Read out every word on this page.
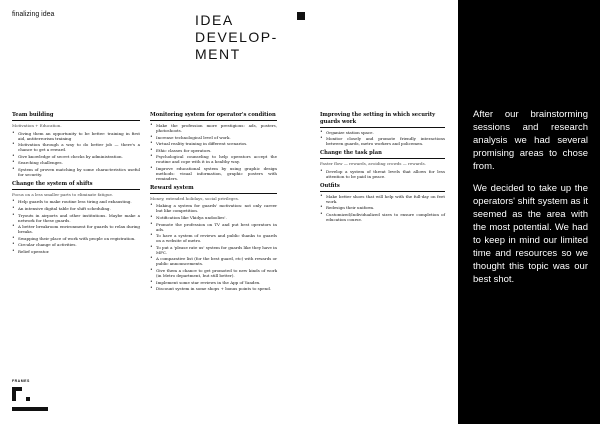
finalizing idea	IDEA
DEVELOP-
MENT
Team building
Motivation + Education.
• Giving them an opportunity to be better: training in first aid, antiterrorism training
• Motivation through a way to do better job — there's a chance to get a reward.
• Give knowledge of secret checks by administration.
• Searching challenges.
• System of proven matching by some characteristics useful for security.
Change the system of shifts
Focus on a less smaller parts to eliminate fatigue.
• Help guards to make routine less tiring and exhausting.
• An intensive digital table for shift scheduling.
• Tryouts in airports and other institutions. Maybe make a network for these guards.
• A better breakroom environment for guards to relax during breaks.
• Swapping their place of work with people on registration.
• Circular change of activities.
• Relief operator.
Monitoring system for operator's condition
• Make the profession more prestigious: ads, posters, photoshoots.
• Increase technological level of work.
• Virtual reality training in different scenarios.
• Ethic classes for operators.
• Psychological counseling to help operators accept the routine and cope with it in a healthy way.
• Improve educational system by using graphic design methods: visual information, graphic posters with reminders.
Reward system
Money, extended holidays, social privileges.
• Making a system for guards' motivation: not only career but like competition.
• Notification like Vkidya undoolies'.
• Promote the profession on TV and put best operators in ads.
• To have a system of reviews and public thanks to guards on a website of metro.
• To put a 'please rate us' system for guards like they have in MFC.
• A comparative list (for the best guard, etc) with rewards or public announcements.
• Give them a chance to get promoted to new kinds of work (in Metro department, but still better).
• Implement some star reviews in the App of Yandex.
• Discount system in some shops + bonus points to spend.
Improving the setting in which security guards work
• Organize station space.
• Monitor closely and promote friendly interactions between guards, metro workers and policemen.
Change the task plan
Faster flow — rewards, avoiding crowds — rewards.
• Develop a system of threat levels that allows for less attention to be paid in peace.
Outfits
• Make better shoes that will help with the full-day on feet work.
• Redesign their uniform.
• Customized/Individualized sizes to ensure completion of education course.
FRAMES

After our brainstorming sessions and research analysis we had several promising areas to chose from.

We decided to take up the operators' shift system as it seemed as the area with the most potential. We had to keep in mind our limited time and resources so we thought this topic was our best shot.
